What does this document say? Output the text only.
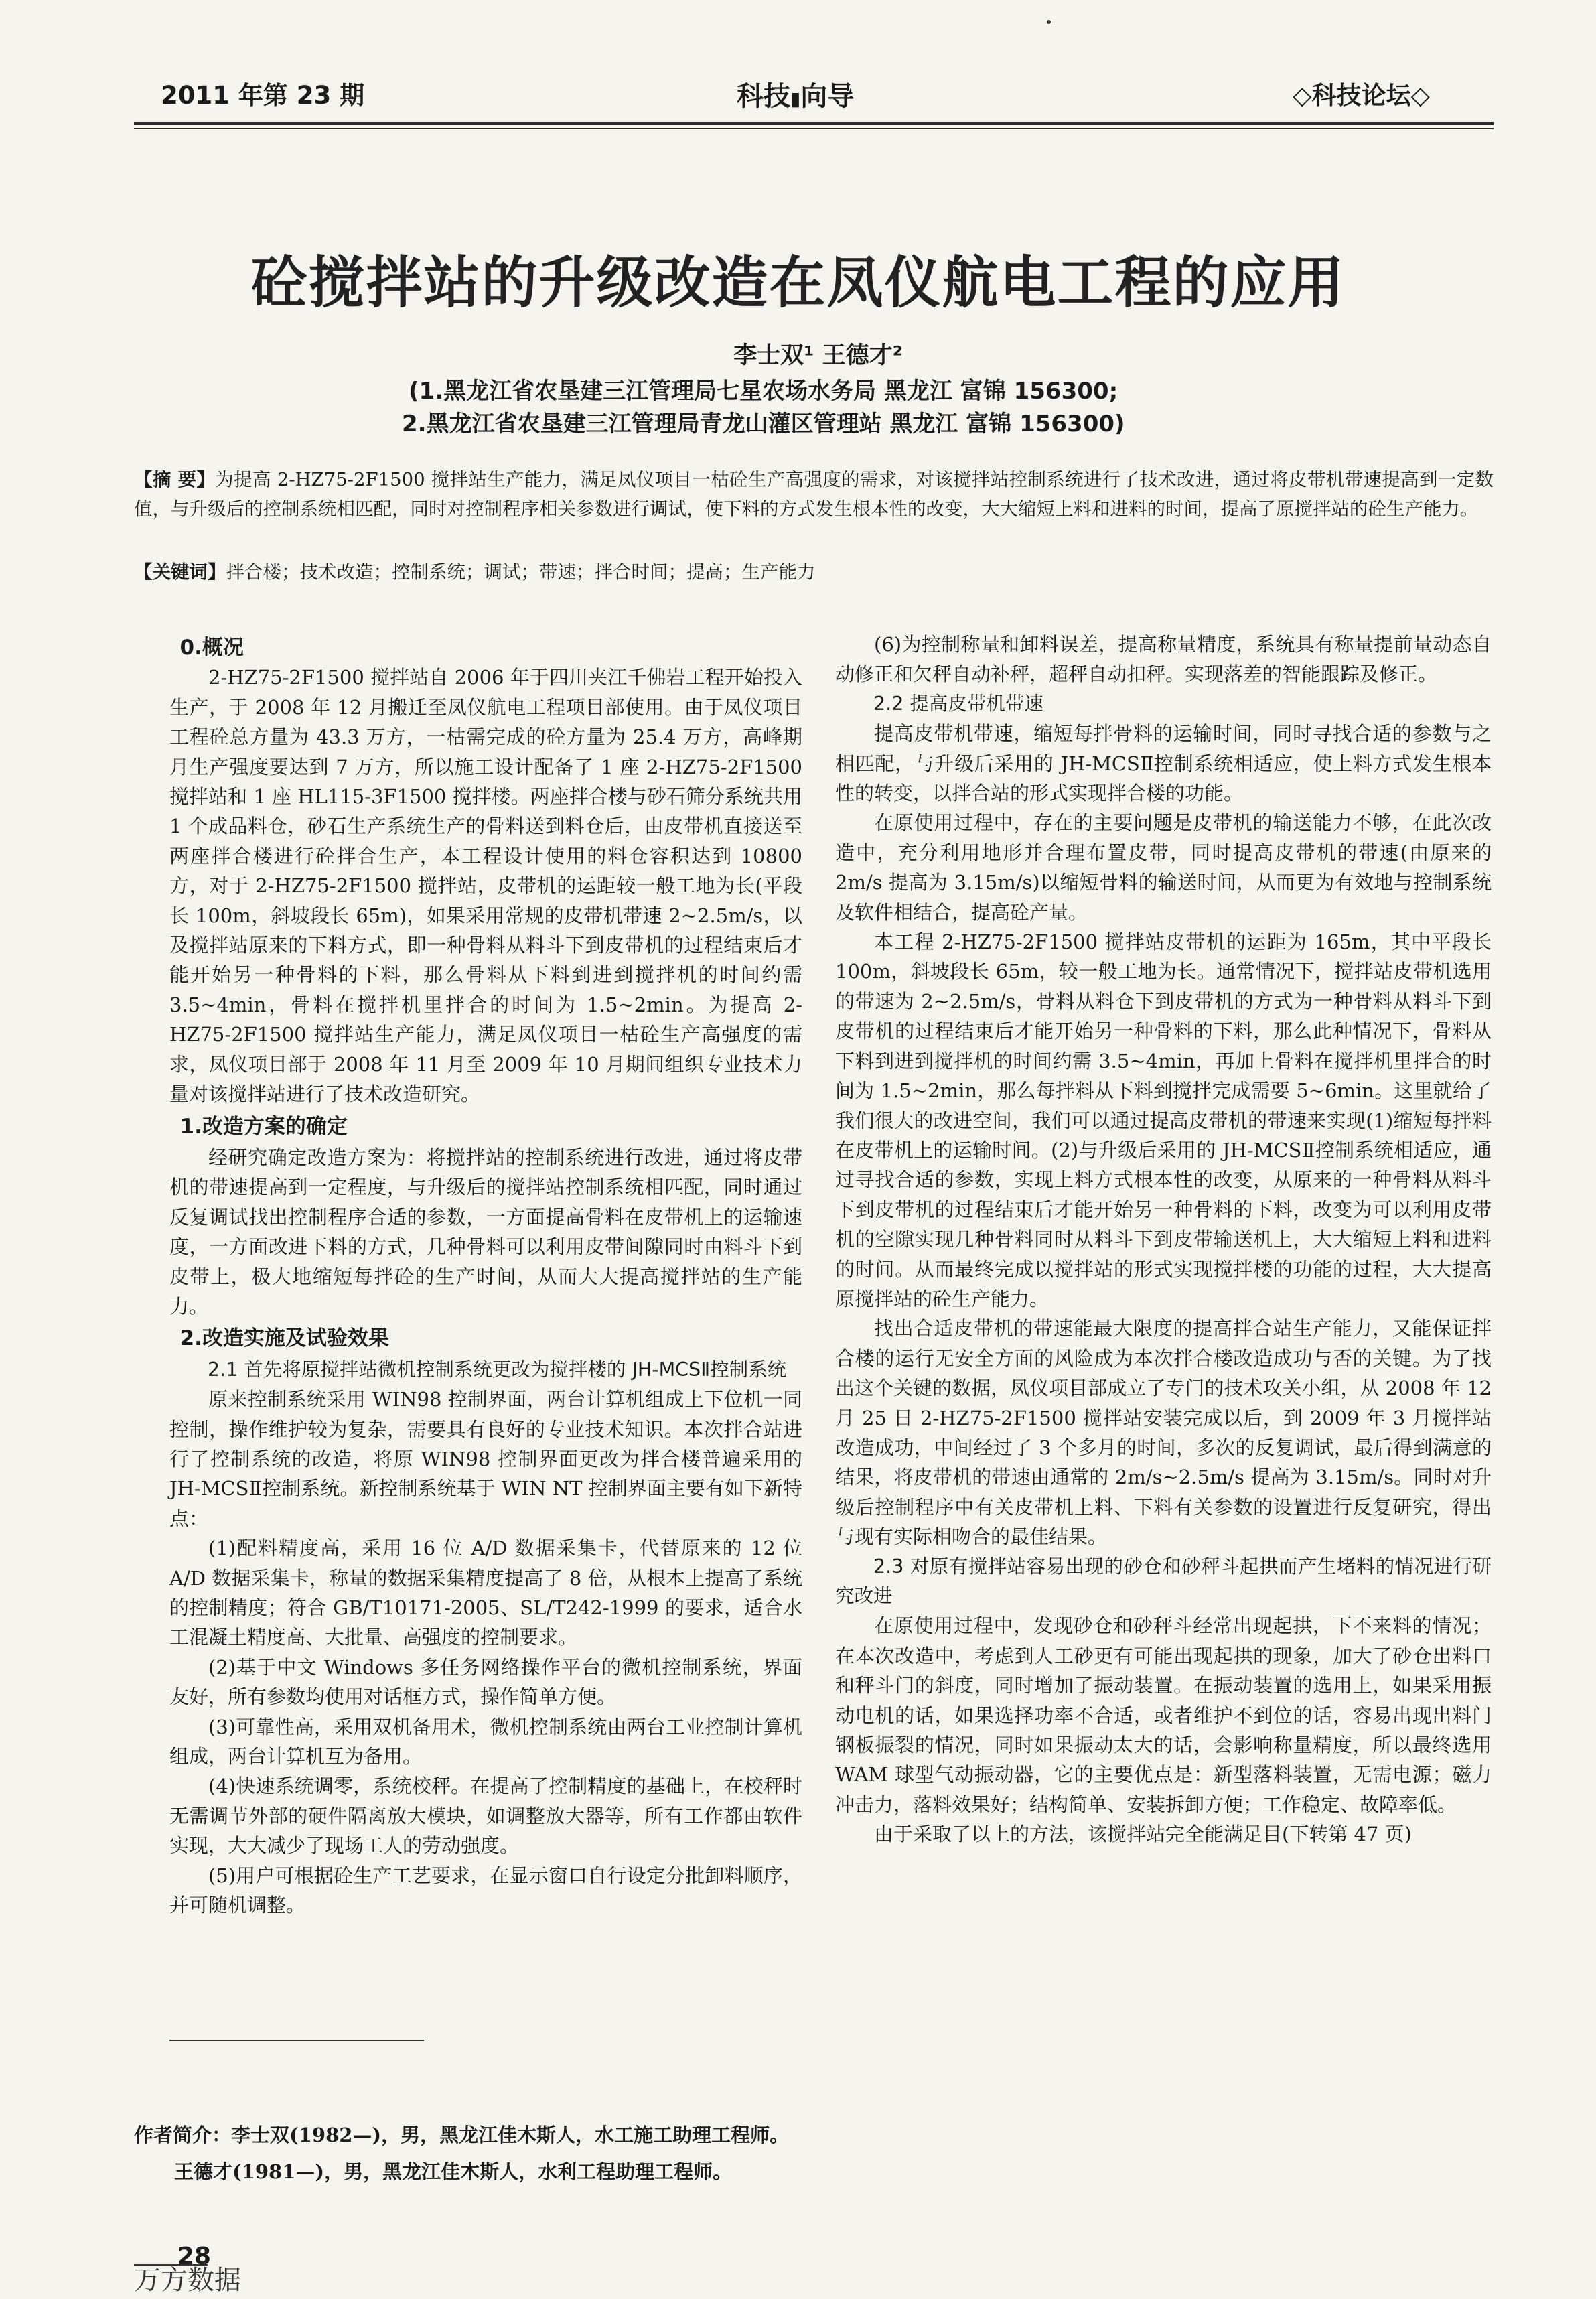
2011 年第 23 期	科技▮向导	◇科技论坛◇
砼搅拌站的升级改造在凤仪航电工程的应用
李士双¹ 王德才²
(1.黑龙江省农垦建三江管理局七星农场水务局 黑龙江 富锦 156300;
2.黑龙江省农垦建三江管理局青龙山灌区管理站 黑龙江 富锦 156300)
【摘 要】为提高 2-HZ75-2F1500 搅拌站生产能力，满足凤仪项目一枯砼生产高强度的需求，对该搅拌站控制系统进行了技术改进，通过将皮带机带速提高到一定数值，与升级后的控制系统相匹配，同时对控制程序相关参数进行调试，使下料的方式发生根本性的改变，大大缩短上料和进料的时间，提高了原搅拌站的砼生产能力。
【关键词】拌合楼；技术改造；控制系统；调试；带速；拌合时间；提高；生产能力

0.概况

2-HZ75-2F1500 搅拌站自 2006 年于四川夹江千佛岩工程开始投入生产，于 2008 年 12 月搬迁至凤仪航电工程项目部使用。由于凤仪项目工程砼总方量为 43.3 万方，一枯需完成的砼方量为 25.4 万方，高峰期月生产强度要达到 7 万方，所以施工设计配备了 1 座 2-HZ75-2F1500 搅拌站和 1 座 HL115-3F1500 搅拌楼。两座拌合楼与砂石筛分系统共用 1 个成品料仓，砂石生产系统生产的骨料送到料仓后，由皮带机直接送至两座拌合楼进行砼拌合生产，本工程设计使用的料仓容积达到 10800 方，对于 2-HZ75-2F1500 搅拌站，皮带机的运距较一般工地为长(平段长 100m，斜坡段长 65m)，如果采用常规的皮带机带速 2~2.5m/s，以及搅拌站原来的下料方式，即一种骨料从料斗下到皮带机的过程结束后才能开始另一种骨料的下料，那么骨料从下料到进到搅拌机的时间约需 3.5~4min，骨料在搅拌机里拌合的时间为 1.5~2min。为提高 2-HZ75-2F1500 搅拌站生产能力，满足凤仪项目一枯砼生产高强度的需求，凤仪项目部于 2008 年 11 月至 2009 年 10 月期间组织专业技术力量对该搅拌站进行了技术改造研究。

1.改造方案的确定

经研究确定改造方案为：将搅拌站的控制系统进行改进，通过将皮带机的带速提高到一定程度，与升级后的搅拌站控制系统相匹配，同时通过反复调试找出控制程序合适的参数，一方面提高骨料在皮带机上的运输速度，一方面改进下料的方式，几种骨料可以利用皮带间隙同时由料斗下到皮带上，极大地缩短每拌砼的生产时间，从而大大提高搅拌站的生产能力。

2.改造实施及试验效果

2.1 首先将原搅拌站微机控制系统更改为搅拌楼的 JH-MCSⅡ控制系统

原来控制系统采用 WIN98 控制界面，两台计算机组成上下位机一同控制，操作维护较为复杂，需要具有良好的专业技术知识。本次拌合站进行了控制系统的改造，将原 WIN98 控制界面更改为拌合楼普遍采用的 JH-MCSⅡ控制系统。新控制系统基于 WIN NT 控制界面主要有如下新特点：

(1)配料精度高，采用 16 位 A/D 数据采集卡，代替原来的 12 位 A/D 数据采集卡，称量的数据采集精度提高了 8 倍，从根本上提高了系统的控制精度；符合 GB/T10171-2005、SL/T242-1999 的要求，适合水工混凝土精度高、大批量、高强度的控制要求。

(2)基于中文 Windows 多任务网络操作平台的微机控制系统，界面友好，所有参数均使用对话框方式，操作简单方便。

(3)可靠性高，采用双机备用术，微机控制系统由两台工业控制计算机组成，两台计算机互为备用。

(4)快速系统调零，系统校秤。在提高了控制精度的基础上，在校秤时无需调节外部的硬件隔离放大模块，如调整放大器等，所有工作都由软件实现，大大减少了现场工人的劳动强度。

(5)用户可根据砼生产工艺要求，在显示窗口自行设定分批卸料顺序，并可随机调整。

(6)为控制称量和卸料误差，提高称量精度，系统具有称量提前量动态自动修正和欠秤自动补秤，超秤自动扣秤。实现落差的智能跟踪及修正。

2.2 提高皮带机带速

提高皮带机带速，缩短每拌骨料的运输时间，同时寻找合适的参数与之相匹配，与升级后采用的 JH-MCSⅡ控制系统相适应，使上料方式发生根本性的转变，以拌合站的形式实现拌合楼的功能。

在原使用过程中，存在的主要问题是皮带机的输送能力不够，在此次改造中，充分利用地形并合理布置皮带，同时提高皮带机的带速(由原来的 2m/s 提高为 3.15m/s)以缩短骨料的输送时间，从而更为有效地与控制系统及软件相结合，提高砼产量。

本工程 2-HZ75-2F1500 搅拌站皮带机的运距为 165m，其中平段长 100m，斜坡段长 65m，较一般工地为长。通常情况下，搅拌站皮带机选用的带速为 2~2.5m/s，骨料从料仓下到皮带机的方式为一种骨料从料斗下到皮带机的过程结束后才能开始另一种骨料的下料，那么此种情况下，骨料从下料到进到搅拌机的时间约需 3.5~4min，再加上骨料在搅拌机里拌合的时间为 1.5~2min，那么每拌料从下料到搅拌完成需要 5~6min。这里就给了我们很大的改进空间，我们可以通过提高皮带机的带速来实现(1)缩短每拌料在皮带机上的运输时间。(2)与升级后采用的 JH-MCSⅡ控制系统相适应，通过寻找合适的参数，实现上料方式根本性的改变，从原来的一种骨料从料斗下到皮带机的过程结束后才能开始另一种骨料的下料，改变为可以利用皮带机的空隙实现几种骨料同时从料斗下到皮带输送机上，大大缩短上料和进料的时间。从而最终完成以搅拌站的形式实现搅拌楼的功能的过程，大大提高原搅拌站的砼生产能力。

找出合适皮带机的带速能最大限度的提高拌合站生产能力，又能保证拌合楼的运行无安全方面的风险成为本次拌合楼改造成功与否的关键。为了找出这个关键的数据，凤仪项目部成立了专门的技术攻关小组，从 2008 年 12 月 25 日 2-HZ75-2F1500 搅拌站安装完成以后，到 2009 年 3 月搅拌站改造成功，中间经过了 3 个多月的时间，多次的反复调试，最后得到满意的结果，将皮带机的带速由通常的 2m/s~2.5m/s 提高为 3.15m/s。同时对升级后控制程序中有关皮带机上料、下料有关参数的设置进行反复研究，得出与现有实际相吻合的最佳结果。

2.3 对原有搅拌站容易出现的砂仓和砂秤斗起拱而产生堵料的情况进行研究改进

在原使用过程中，发现砂仓和砂秤斗经常出现起拱，下不来料的情况；在本次改造中，考虑到人工砂更有可能出现起拱的现象，加大了砂仓出料口和秤斗门的斜度，同时增加了振动装置。在振动装置的选用上，如果采用振动电机的话，如果选择功率不合适，或者维护不到位的话，容易出现出料门钢板振裂的情况，同时如果振动太大的话，会影响称量精度，所以最终选用 WAM 球型气动振动器，它的主要优点是：新型落料装置，无需电源；磁力冲击力，落料效果好；结构简单、安装拆卸方便；工作稳定、故障率低。

由于采取了以上的方法，该搅拌站完全能满足目(下转第 47 页)

作者简介：李士双(1982—)，男，黑龙江佳木斯人，水工施工助理工程师。
王德才(1981—)，男，黑龙江佳木斯人，水利工程助理工程师。
28
万方数据
